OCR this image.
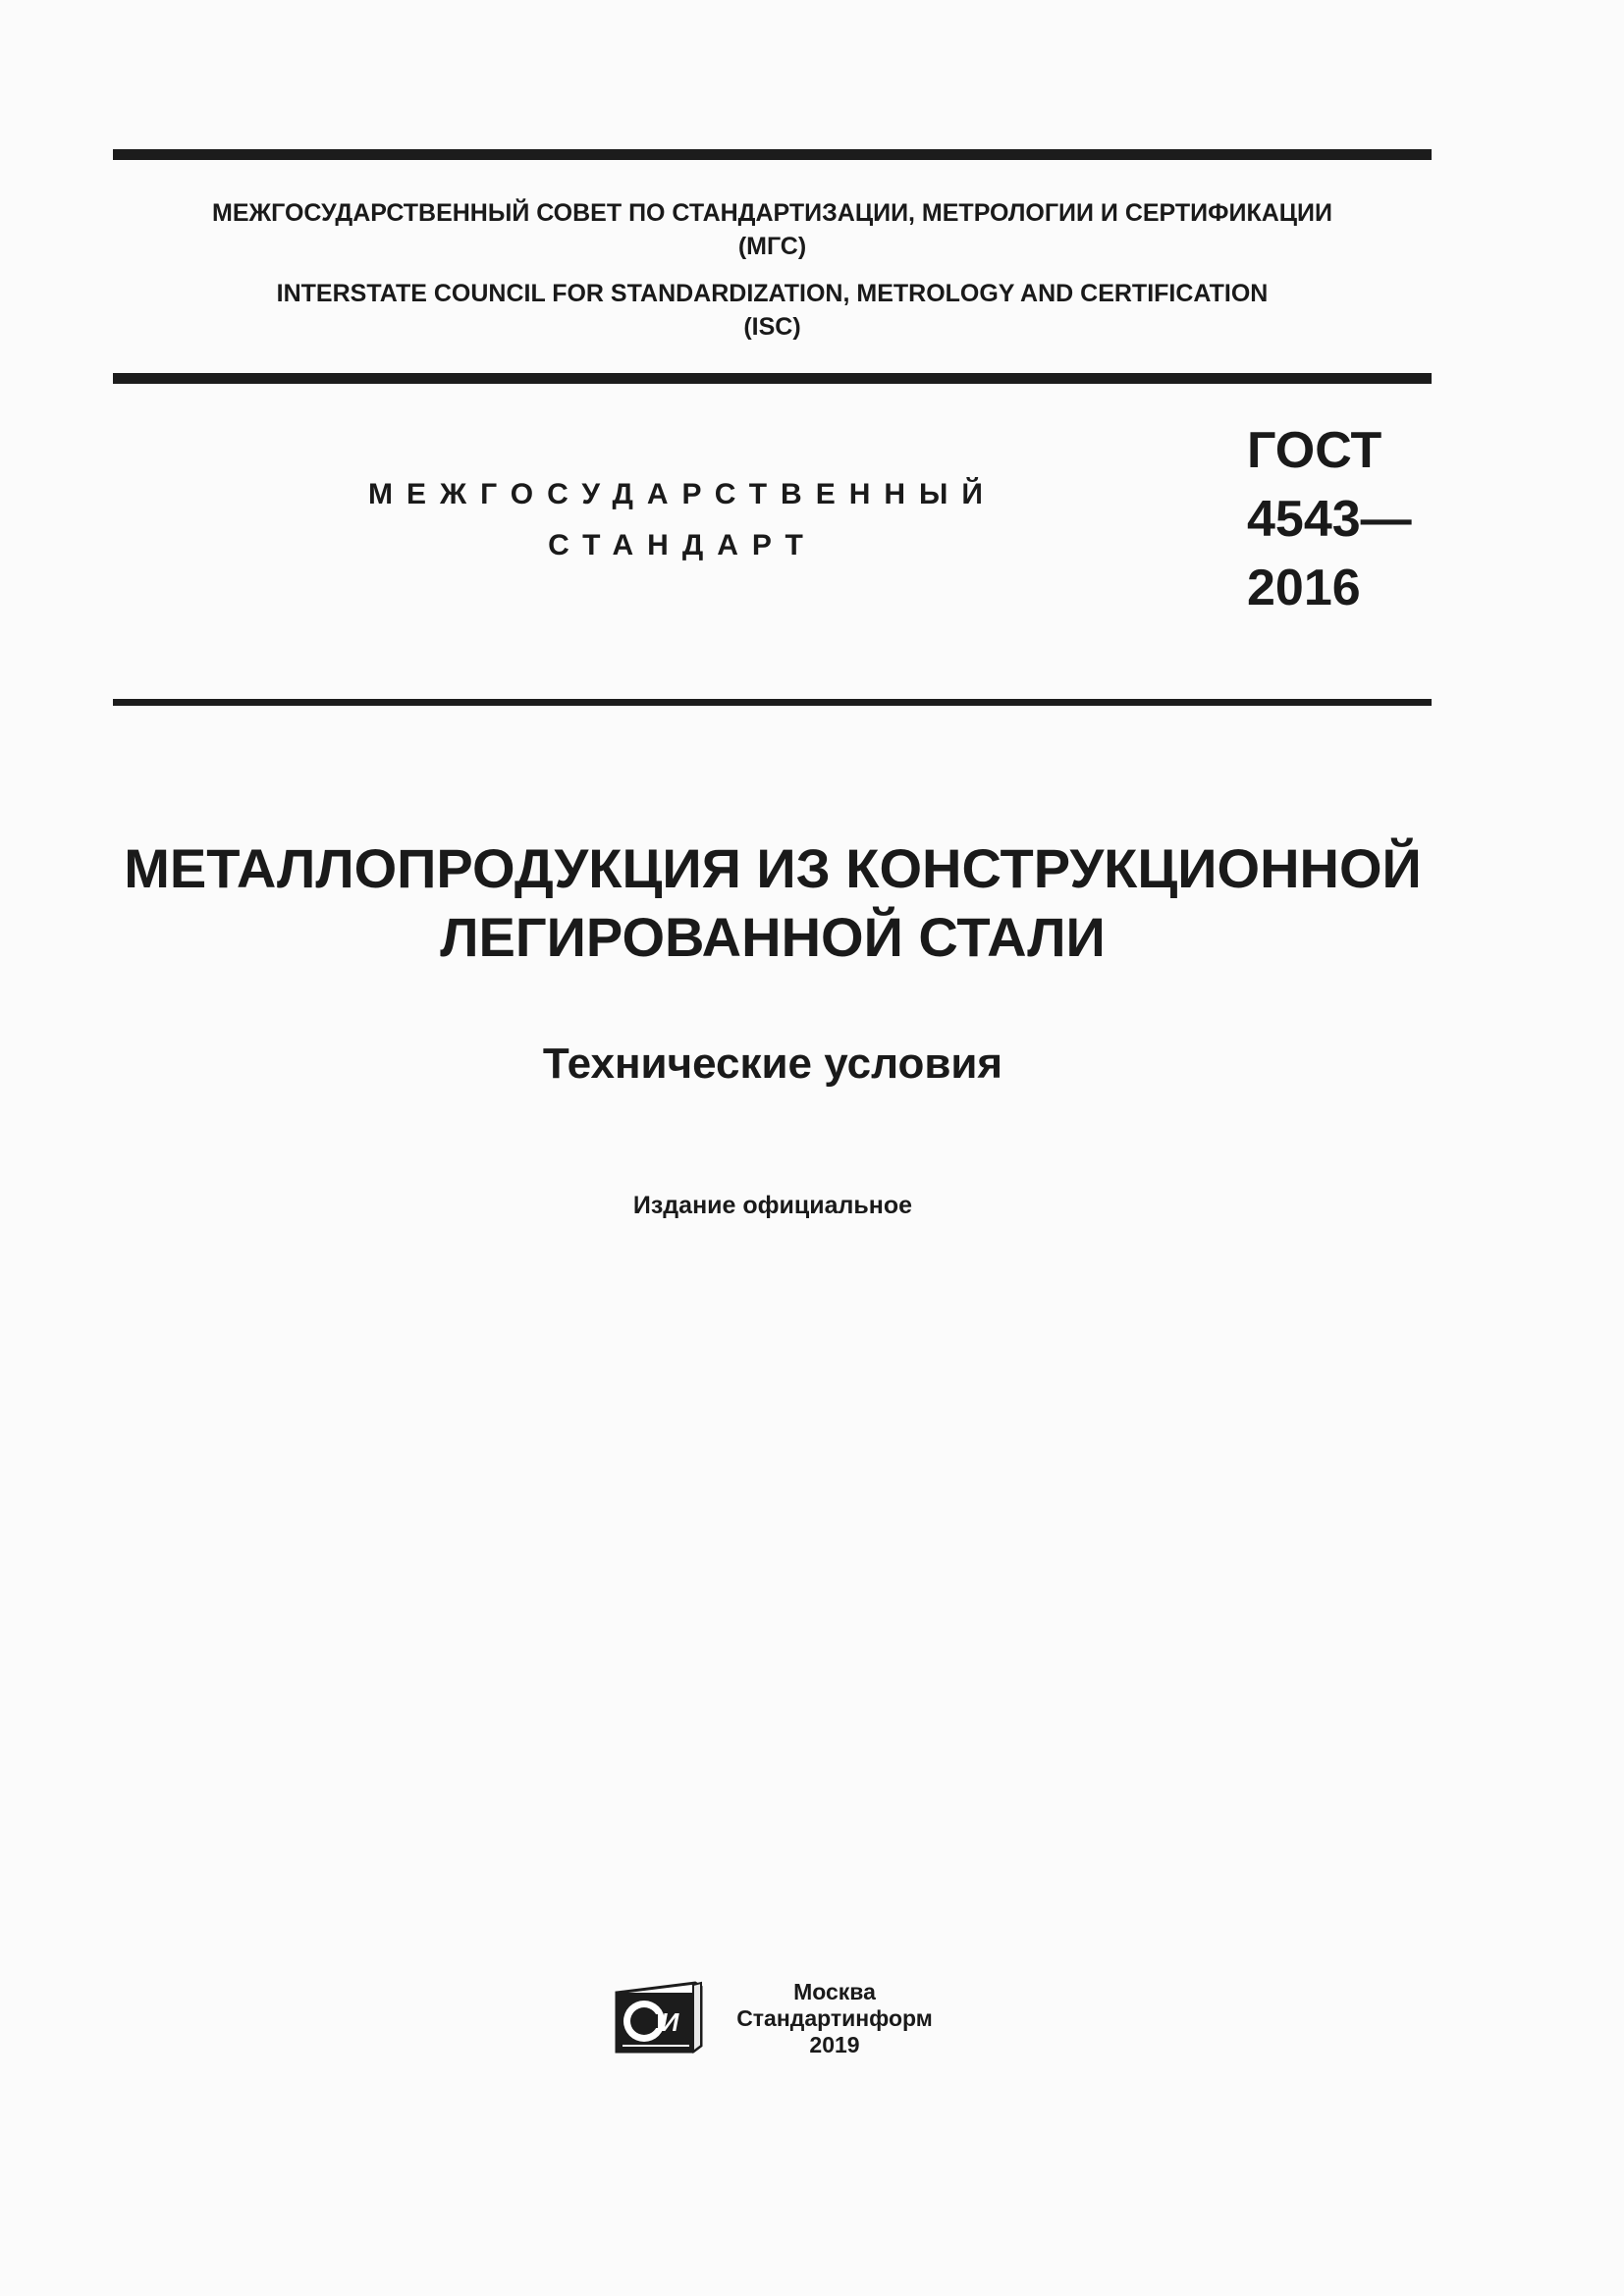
МЕЖГОСУДАРСТВЕННЫЙ СОВЕТ ПО СТАНДАРТИЗАЦИИ, МЕТРОЛОГИИ И СЕРТИФИКАЦИИ
(МГС)
INTERSTATE COUNCIL FOR STANDARDIZATION, METROLOGY AND CERTIFICATION
(ISC)
МЕЖГОСУДАРСТВЕННЫЙ
СТАНДАРТ
ГОСТ
4543—
2016
МЕТАЛЛОПРОДУКЦИЯ ИЗ КОНСТРУКЦИОННОЙ
ЛЕГИРОВАННОЙ СТАЛИ
Технические условия
Издание официальное
И
Москва
Стандартинформ
2019
